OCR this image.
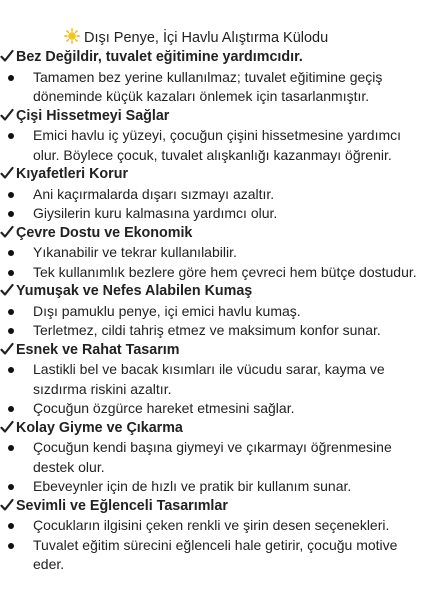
Dışı Penye, İçi Havlu Alıştırma Külodu
Bez Değildir, tuvalet eğitimine yardımcıdır.
Tamamen bez yerine kullanılmaz; tuvalet eğitimine geçiş döneminde küçük kazaları önlemek için tasarlanmıştır.
Çişi Hissetmeyi Sağlar
Emici havlu iç yüzeyi, çocuğun çişini hissetmesine yardımcı olur. Böylece çocuk, tuvalet alışkanlığı kazanmayı öğrenir.
Kıyafetleri Korur
Ani kaçırmalarda dışarı sızmayı azaltır.
Giysilerin kuru kalmasına yardımcı olur.
Çevre Dostu ve Ekonomik
Yıkanabilir ve tekrar kullanılabilir.
Tek kullanımlık bezlere göre hem çevreci hem bütçe dostudur.
Yumuşak ve Nefes Alabilen Kumaş
Dışı pamuklu penye, içi emici havlu kumaş.
Terletmez, cildi tahriş etmez ve maksimum konfor sunar.
Esnek ve Rahat Tasarım
Lastikli bel ve bacak kısımları ile vücudu sarar, kayma ve sızdırma riskini azaltır.
Çocuğun özgürce hareket etmesini sağlar.
Kolay Giyme ve Çıkarma
Çocuğun kendi başına giymeyi ve çıkarmayı öğrenmesine destek olur.
Ebeveynler için de hızlı ve pratik bir kullanım sunar.
Sevimli ve Eğlenceli Tasarımlar
Çocukların ilgisini çeken renkli ve şirin desen seçenekleri.
Tuvalet eğitim sürecini eğlenceli hale getirir, çocuğu motive eder.
